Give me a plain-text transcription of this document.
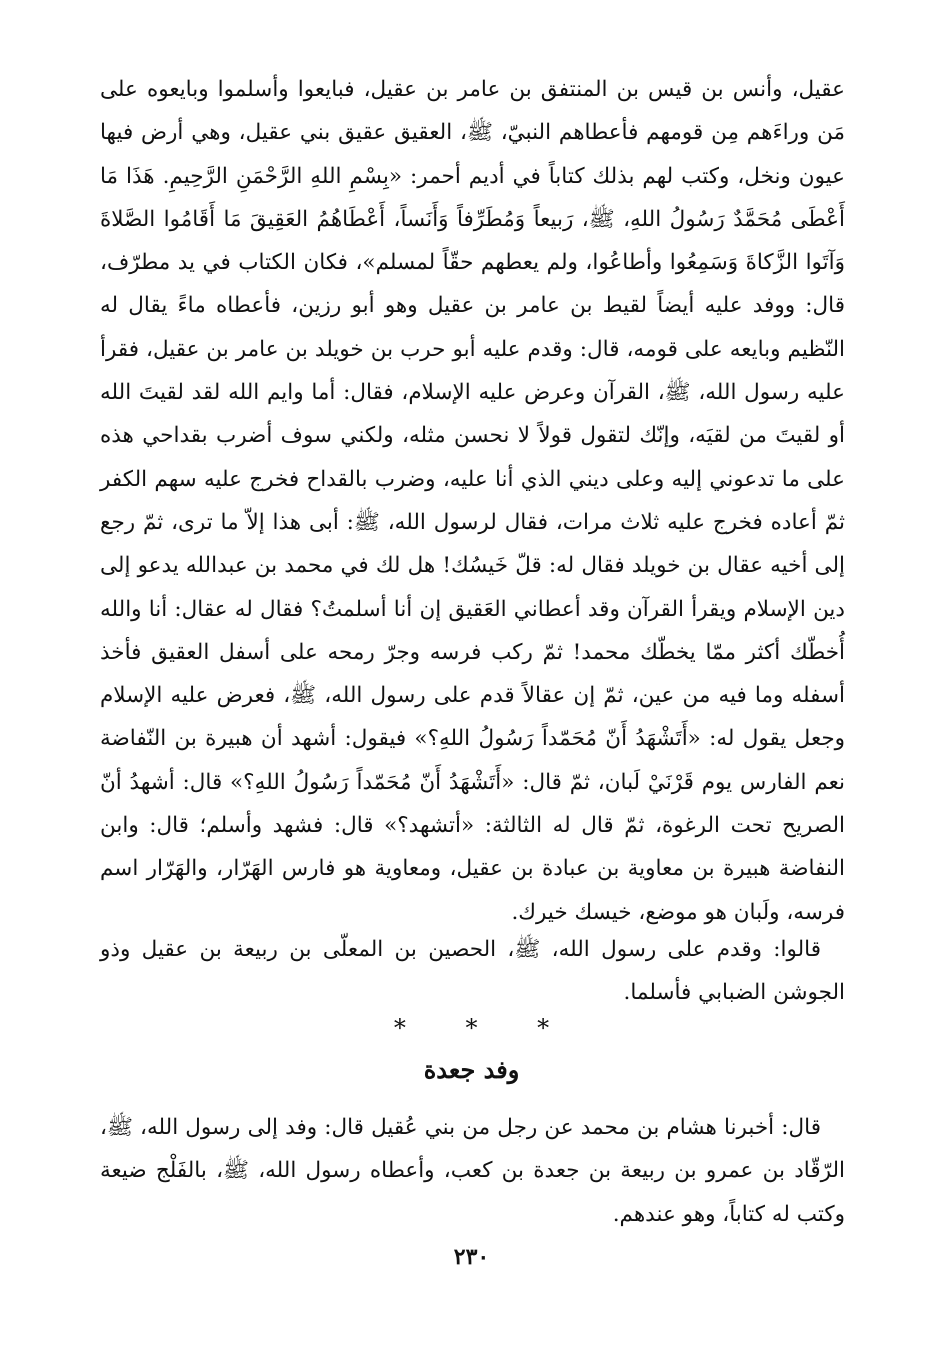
عقيل، وأنس بن قيس بن المنتفق بن عامر بن عقيل، فبايعوا وأسلموا وبايعوه على مَن وراءَهم مِن قومهم فأعطاهم النبيّ، ﷺ، العقيق عقيق بني عقيل، وهي أرض فيها عيون ونخل، وكتب لهم بذلك كتاباً في أديم أحمر: «بِسْمِ اللهِ الرَّحْمَنِ الرَّحِيمِ. هَذَا مَا أَعْطَى مُحَمَّدٌ رَسُولُ اللهِ، ﷺ، رَبيعاً وَمُطَرِّفاً وَأَنَساً، أَعْطَاهُمُ العَقِيقَ مَا أَقَامُوا الصَّلاةَ وَآتَوا الزَّكاةَ وَسَمِعُوا وأطاعُوا، ولم يعطهم حقّاً لمسلم»، فكان الكتاب في يد مطرّف، قال: ووفد عليه أيضاً لقيط بن عامر بن عقيل وهو أبو رزين، فأعطاه ماءً يقال له النّظيم وبايعه على قومه، قال: وقدم عليه أبو حرب بن خويلد بن عامر بن عقيل، فقرأ عليه رسول الله، ﷺ، القرآن وعرض عليه الإسلام، فقال: أما وايم الله لقد لقيتَ الله أو لقيتَ من لقيَه، وإنّك لتقول قولاً لا نحسن مثله، ولكني سوف أضرب بقداحي هذه على ما تدعوني إليه وعلى ديني الذي أنا عليه، وضرب بالقداح فخرج عليه سهم الكفر ثمّ أعاده فخرج عليه ثلاث مرات، فقال لرسول الله، ﷺ: أبى هذا إلاّ ما ترى، ثمّ رجع إلى أخيه عقال بن خويلد فقال له: قلّ خَيسُك! هل لك في محمد بن عبدالله يدعو إلى دين الإسلام ويقرأ القرآن وقد أعطاني العَقيق إن أنا أسلمتُ؟ فقال له عقال: أنا والله أُخطّك أكثر ممّا يخطّك محمد! ثمّ ركب فرسه وجرّ رمحه على أسفل العقيق فأخذ أسفله وما فيه من عين، ثمّ إن عقالاً قدم على رسول الله، ﷺ، فعرض عليه الإسلام وجعل يقول له: «أَتَشْهَدُ أَنّ مُحَمّداً رَسُولُ اللهِ؟» فيقول: أشهد أن هبيرة بن النّفاضة نعم الفارس يوم قَرْنَيْ لَبان، ثمّ قال: «أَتَشْهَدُ أَنّ مُحَمّداً رَسُولُ اللهِ؟» قال: أشهدُ أنّ الصريح تحت الرغوة، ثمّ قال له الثالثة: «أتشهد؟» قال: فشهد وأسلم؛ قال: وابن النفاضة هبيرة بن معاوية بن عبادة بن عقيل، ومعاوية هو فارس الهَرّار، والهَرّار اسم فرسه، ولَبان هو موضع، خيسك خيرك.

قالوا: وقدم على رسول الله، ﷺ، الحصين بن المعلّى بن ربيعة بن عقيل وذو الجوشن الضبابي فأسلما.

* * *
وفد جعدة

قال: أخبرنا هشام بن محمد عن رجل من بني عُقيل قال: وفد إلى رسول الله، ﷺ، الرّقّاد بن عمرو بن ربيعة بن جعدة بن كعب، وأعطاه رسول الله، ﷺ، بالفَلْج ضيعة وكتب له كتاباً، وهو عندهم.

٢٣٠
